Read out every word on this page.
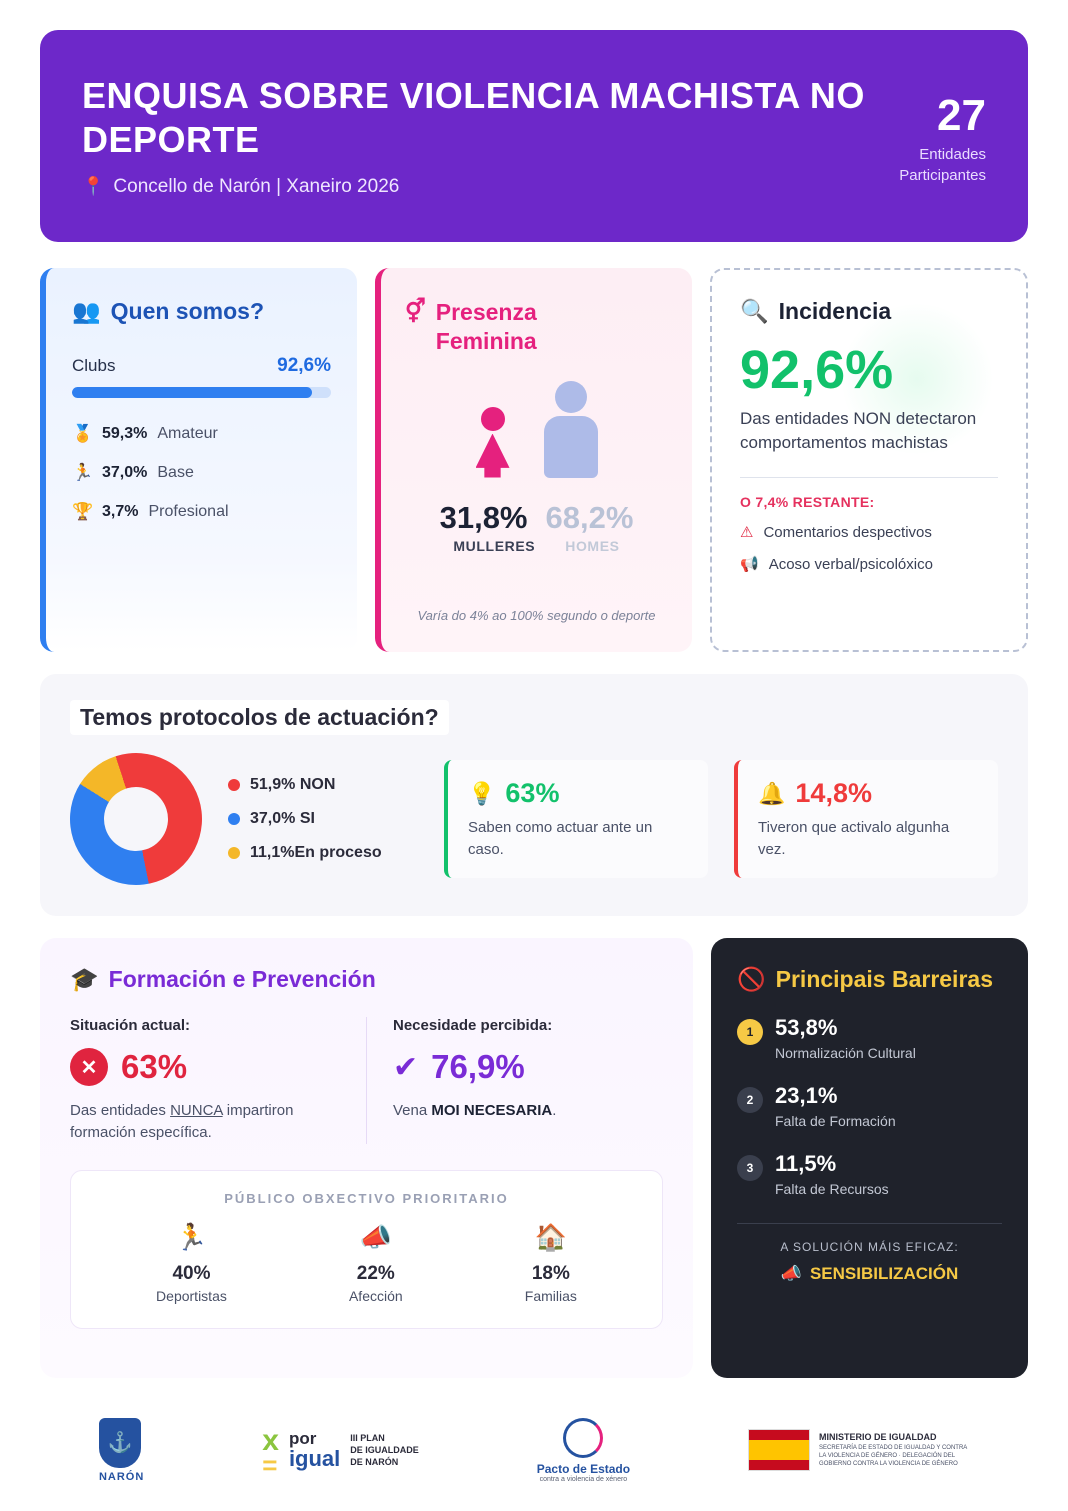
ENQUISA SOBRE VIOLENCIA MACHISTA NO DEPORTE
📍 Concello de Narón | Xaneiro 2026
27
Entidades
Participantes
👥 Quen somos?
Clubs	92,6%
🏅 59,3% Amateur
🏃 37,0% Base
🏆 3,7% Profesional
⚥ Presenza
Feminina
31,8% 68,2%
MULLERES HOMES
Varía do 4% ao 100% segundo o deporte
🔍 Incidencia
92,6%
Das entidades NON detectaron comportamentos machistas
O 7,4% RESTANTE:
⚠ Comentarios despectivos
📢 Acoso verbal/psicolóxico
Temos protocolos de actuación?
51,9% NON
37,0% SI
11,1%En proceso
💡 63%
Saben como actuar ante un caso.
🔔 14,8%
Tiveron que activalo algunha vez.
🎓 Formación e Prevención
Situación actual:
✕ 63%
Das entidades NUNCA impartiron formación específica.
Necesidade percibida:
✔ 76,9%
Vena MOI NECESARIA.
PÚBLICO OBXECTIVO PRIORITARIO
🏃
40%
Deportistas
📣
22%
Afección
🏠
18%
Familias
🚫 Principais Barreiras
1 53,8%
Normalización Cultural
2 23,1%
Falta de Formación
3 11,5%
Falta de Recursos
A SOLUCIÓN MÁIS EFICAZ:
📣 SENSIBILIZACIÓN
⚓
NARÓN
x
=
por
igual
III PLAN
DE IGUALDADE
DE NARÓN	Pacto de Estado
contra a violencia de xénero
MINISTERIO DE IGUALDAD
SECRETARÍA DE ESTADO DE IGUALDAD Y CONTRA LA VIOLENCIA DE GÉNERO · DELEGACIÓN DEL GOBIERNO CONTRA LA VIOLENCIA DE GÉNERO
